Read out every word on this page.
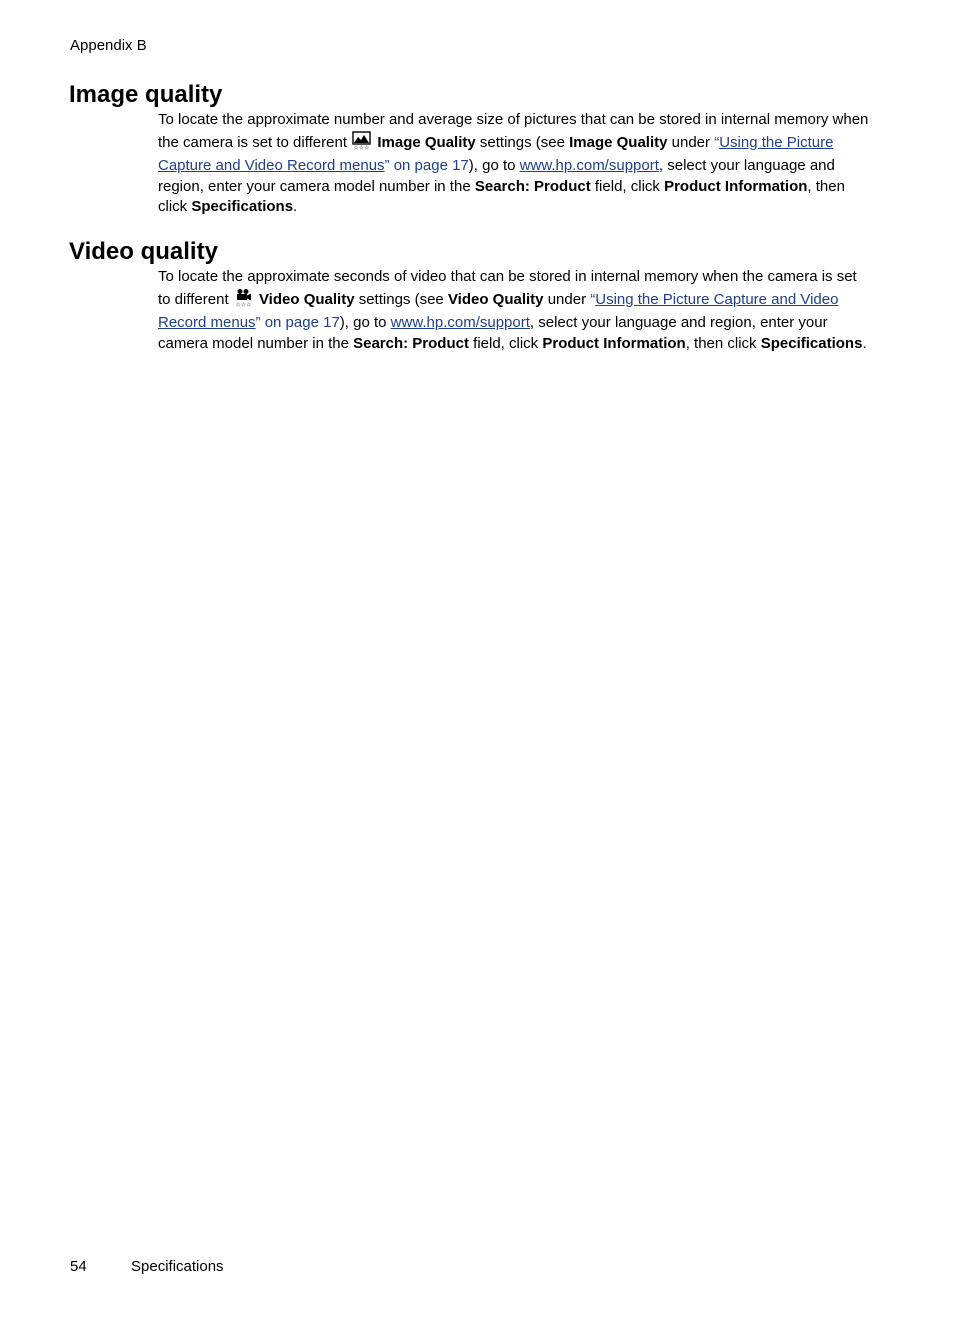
Appendix B
Image quality

To locate the approximate number and average size of pictures that can be stored in internal memory when the camera is set to different ☆☆☆ Image Quality settings (see Image Quality under “Using the Picture Capture and Video Record menus” on page 17), go to www.hp.com/support, select your language and region, enter your camera model number in the Search: Product field, click Product Information, then click Specifications.

Video quality

To locate the approximate seconds of video that can be stored in internal memory when the camera is set to different ☆☆☆ Video Quality settings (see Video Quality under “Using the Picture Capture and Video Record menus” on page 17), go to www.hp.com/support, select your language and region, enter your camera model number in the Search: Product field, click Product Information, then click Specifications.

54	Specifications
